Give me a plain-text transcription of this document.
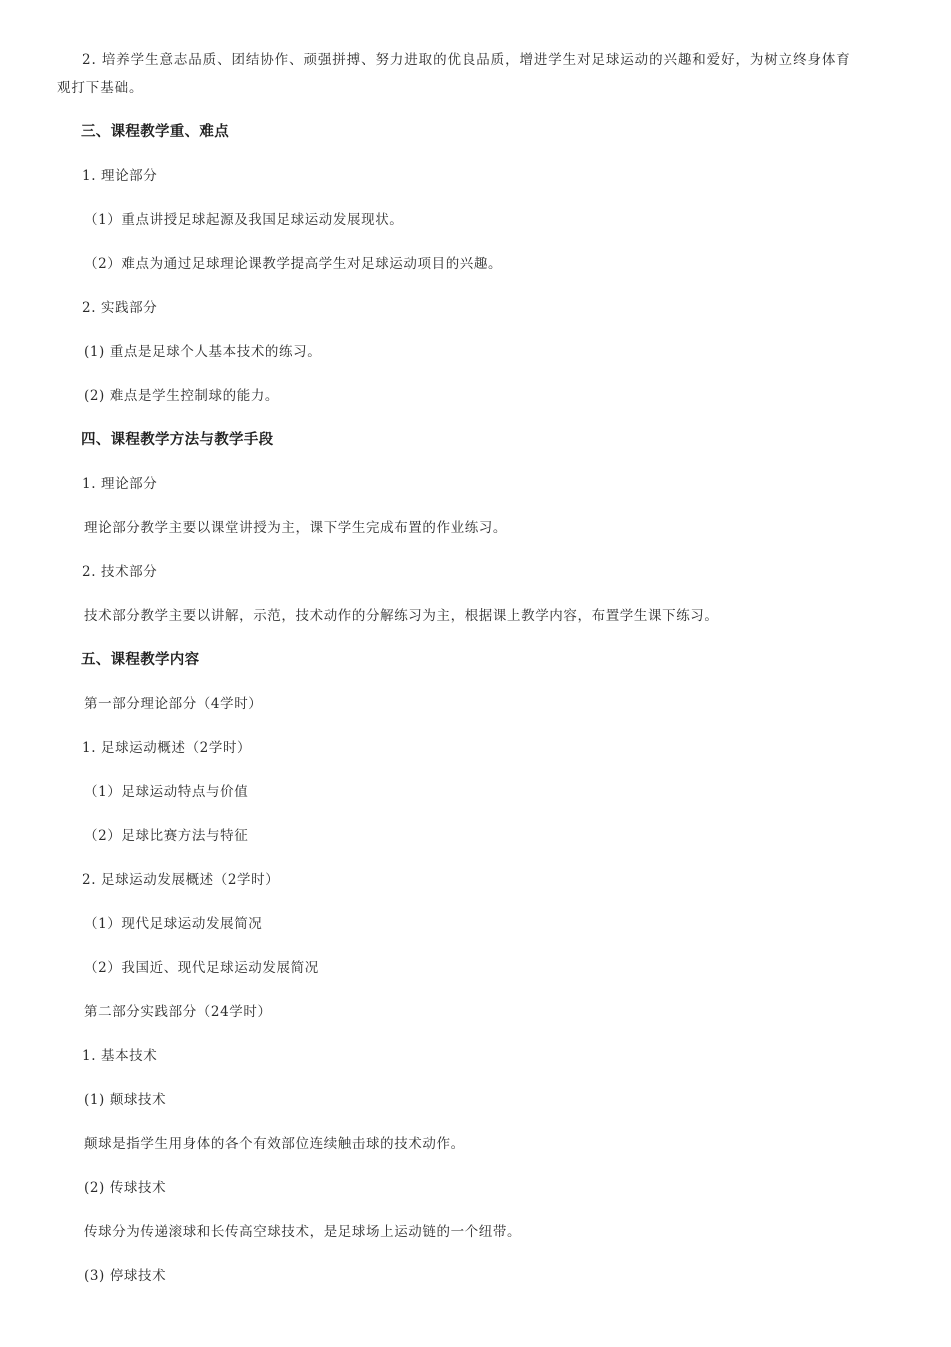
2. 培养学生意志品质、团结协作、顽强拼搏、努力进取的优良品质，增进学生对足球运动的兴趣和爱好，为树立终身体育
观打下基础。
三、课程教学重、难点
1. 理论部分
（1）重点讲授足球起源及我国足球运动发展现状。
（2）难点为通过足球理论课教学提高学生对足球运动项目的兴趣。
2. 实践部分
(1) 重点是足球个人基本技术的练习。
(2) 难点是学生控制球的能力。
四、课程教学方法与教学手段
1. 理论部分
理论部分教学主要以课堂讲授为主，课下学生完成布置的作业练习。
2. 技术部分
技术部分教学主要以讲解，示范，技术动作的分解练习为主，根据课上教学内容，布置学生课下练习。
五、课程教学内容
第一部分理论部分（4学时）
1. 足球运动概述（2学时）
（1）足球运动特点与价值
（2）足球比赛方法与特征
2. 足球运动发展概述（2学时）
（1）现代足球运动发展简况
（2）我国近、现代足球运动发展简况
第二部分实践部分（24学时）
1. 基本技术
(1) 颠球技术
颠球是指学生用身体的各个有效部位连续触击球的技术动作。
(2) 传球技术
传球分为传递滚球和长传高空球技术，是足球场上运动链的一个纽带。
(3) 停球技术
